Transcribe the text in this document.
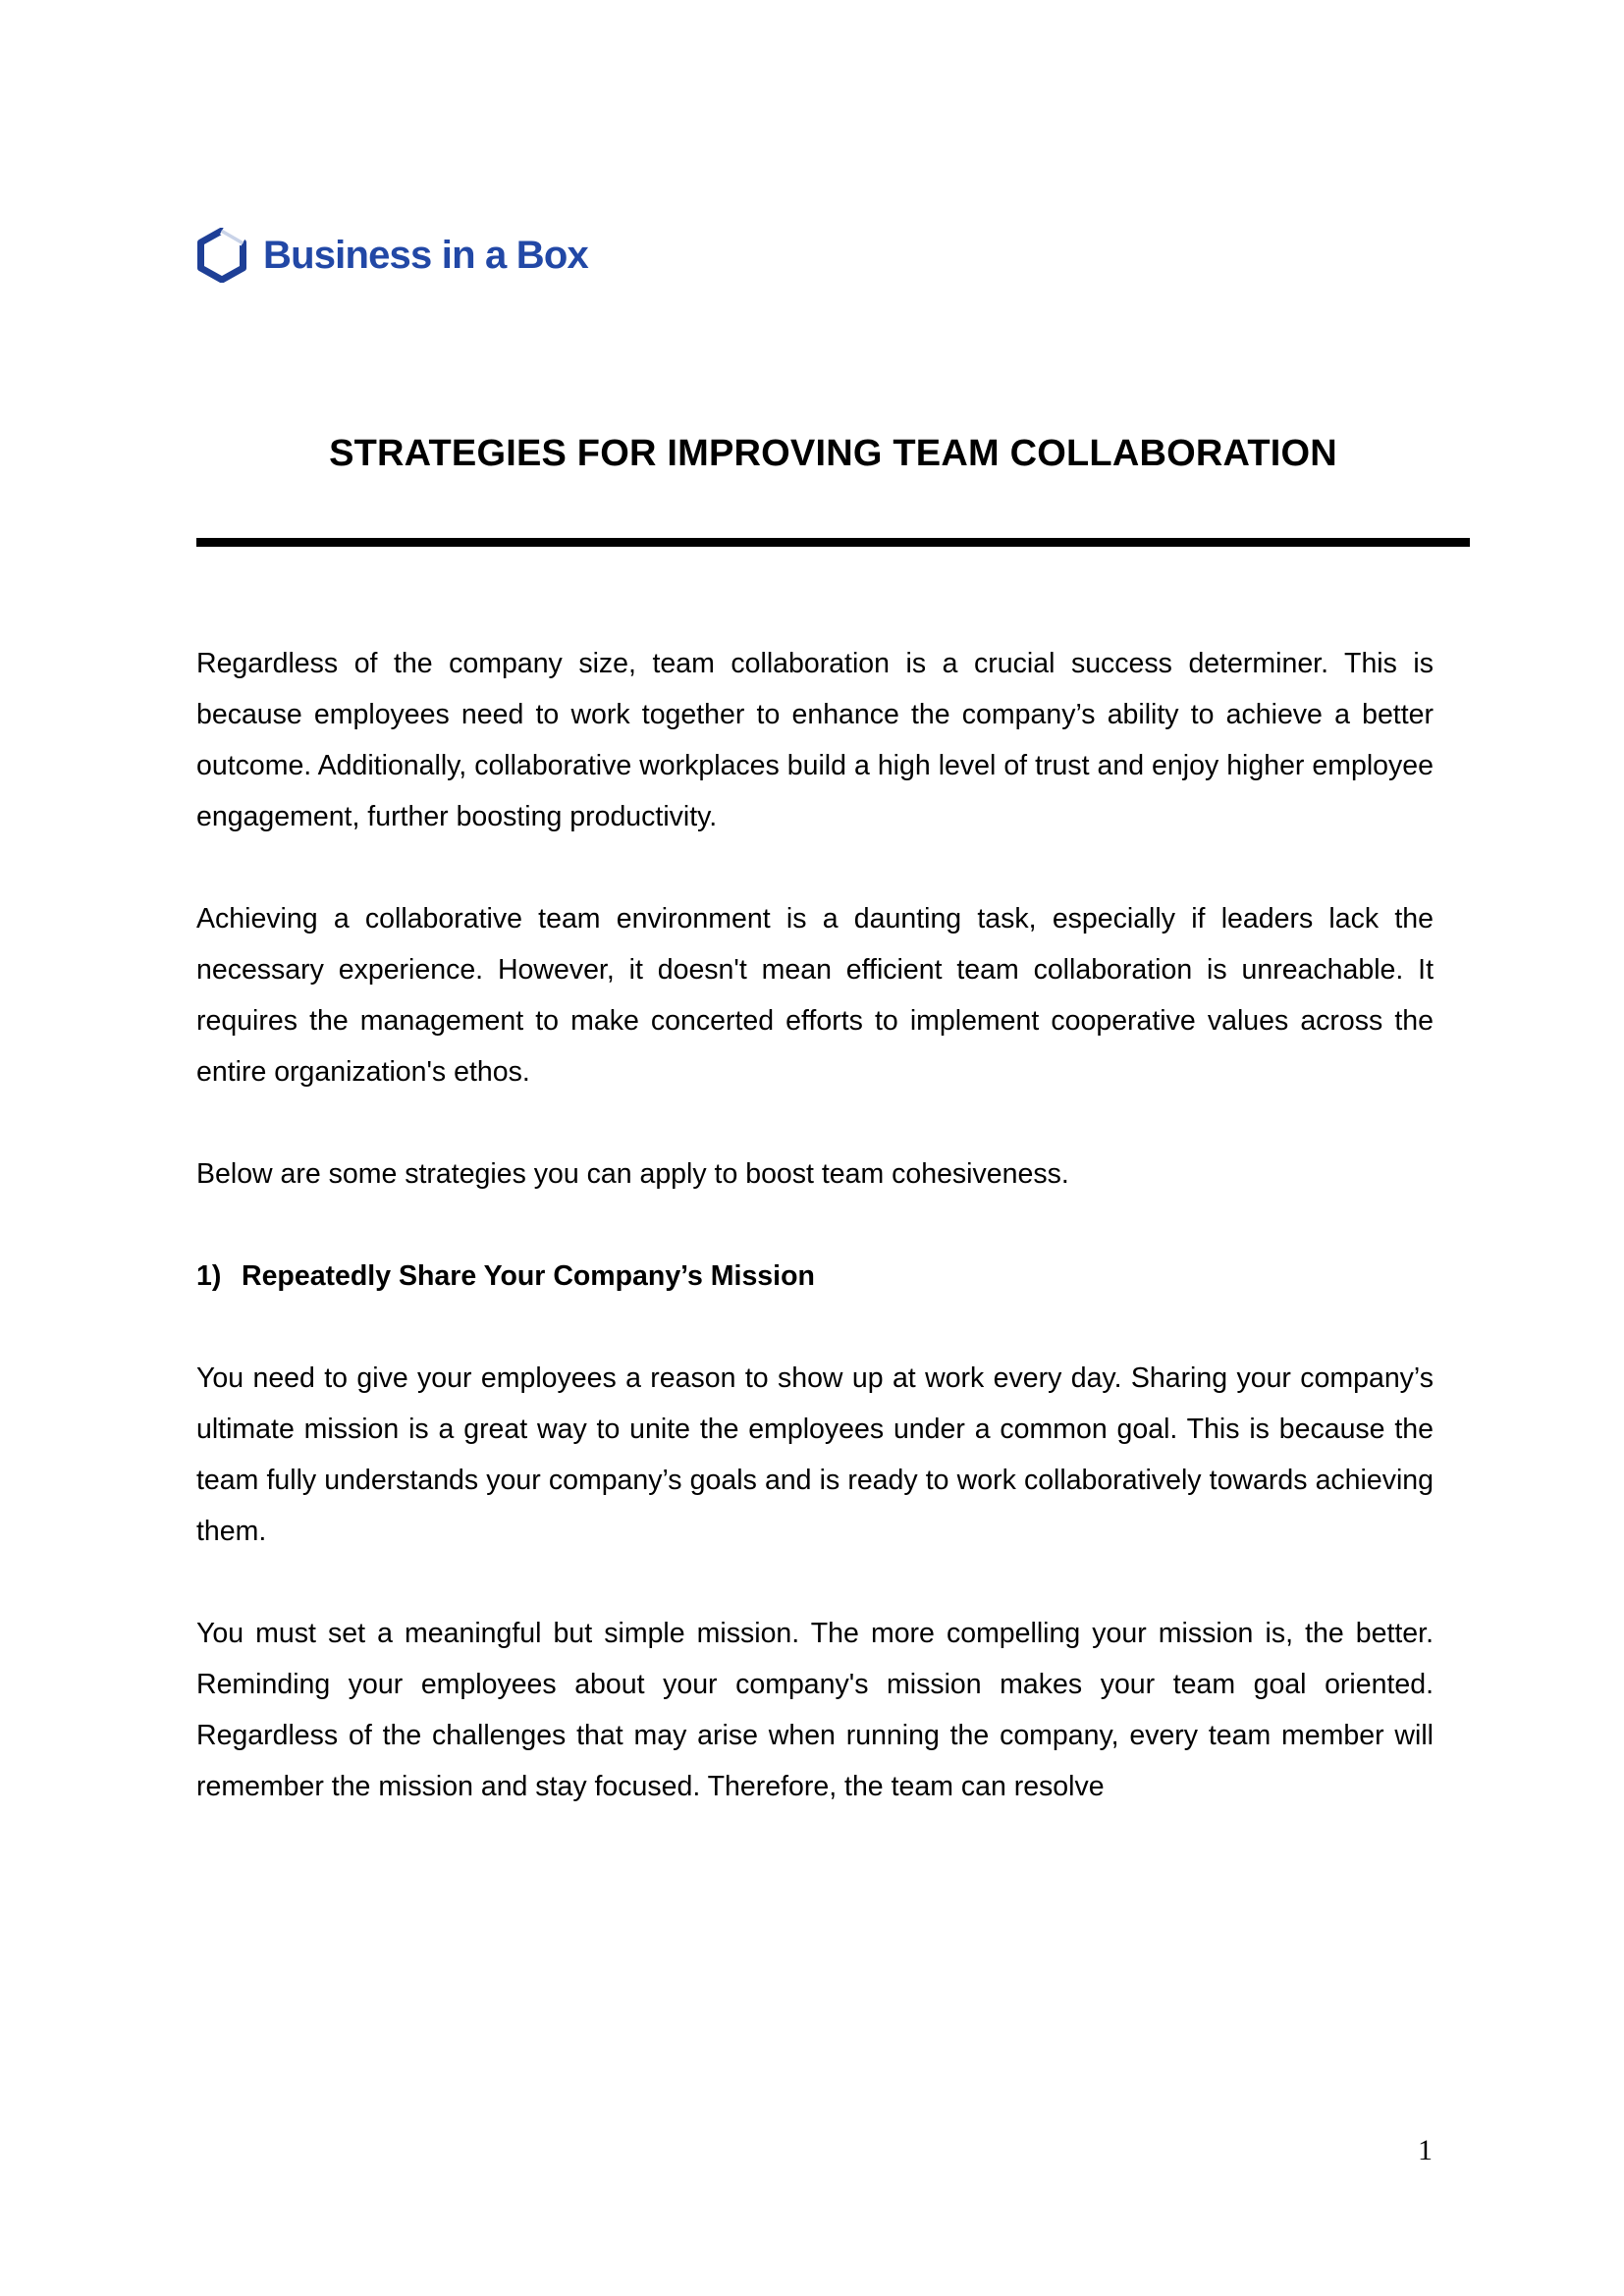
Business in a Box
STRATEGIES FOR IMPROVING TEAM COLLABORATION

Regardless of the company size, team collaboration is a crucial success determiner. This is because employees need to work together to enhance the company’s ability to achieve a better outcome. Additionally, collaborative workplaces build a high level of trust and enjoy higher employee engagement, further boosting productivity.

Achieving a collaborative team environment is a daunting task, especially if leaders lack the necessary experience. However, it doesn't mean efficient team collaboration is unreachable. It requires the management to make concerted efforts to implement cooperative values across the entire organization's ethos.

Below are some strategies you can apply to boost team cohesiveness.

1) Repeatedly Share Your Company’s Mission

You need to give your employees a reason to show up at work every day. Sharing your company’s ultimate mission is a great way to unite the employees under a common goal. This is because the team fully understands your company’s goals and is ready to work collaboratively towards achieving them.

You must set a meaningful but simple mission. The more compelling your mission is, the better. Reminding your employees about your company's mission makes your team goal oriented. Regardless of the challenges that may arise when running the company, every team member will remember the mission and stay focused. Therefore, the team can resolve

1
